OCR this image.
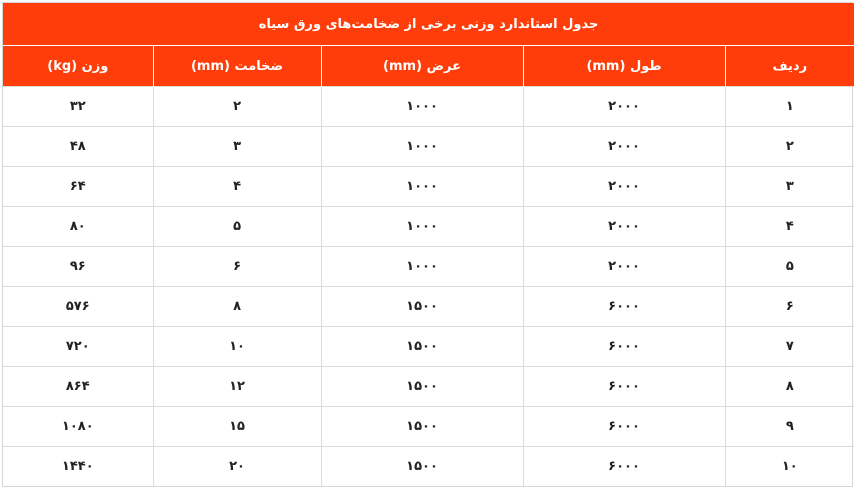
جدول استاندارد وزنی برخی از ضخامت‌های ورق سیاه				
ردیف	طول (mm)	عرض (mm)	ضخامت (mm)	وزن (kg)
۱	۲۰۰۰	۱۰۰۰	۲	۳۲
۲	۲۰۰۰	۱۰۰۰	۳	۴۸
۳	۲۰۰۰	۱۰۰۰	۴	۶۴
۴	۲۰۰۰	۱۰۰۰	۵	۸۰
۵	۲۰۰۰	۱۰۰۰	۶	۹۶
۶	۶۰۰۰	۱۵۰۰	۸	۵۷۶
۷	۶۰۰۰	۱۵۰۰	۱۰	۷۲۰
۸	۶۰۰۰	۱۵۰۰	۱۲	۸۶۴
۹	۶۰۰۰	۱۵۰۰	۱۵	۱۰۸۰
۱۰	۶۰۰۰	۱۵۰۰	۲۰	۱۴۴۰
